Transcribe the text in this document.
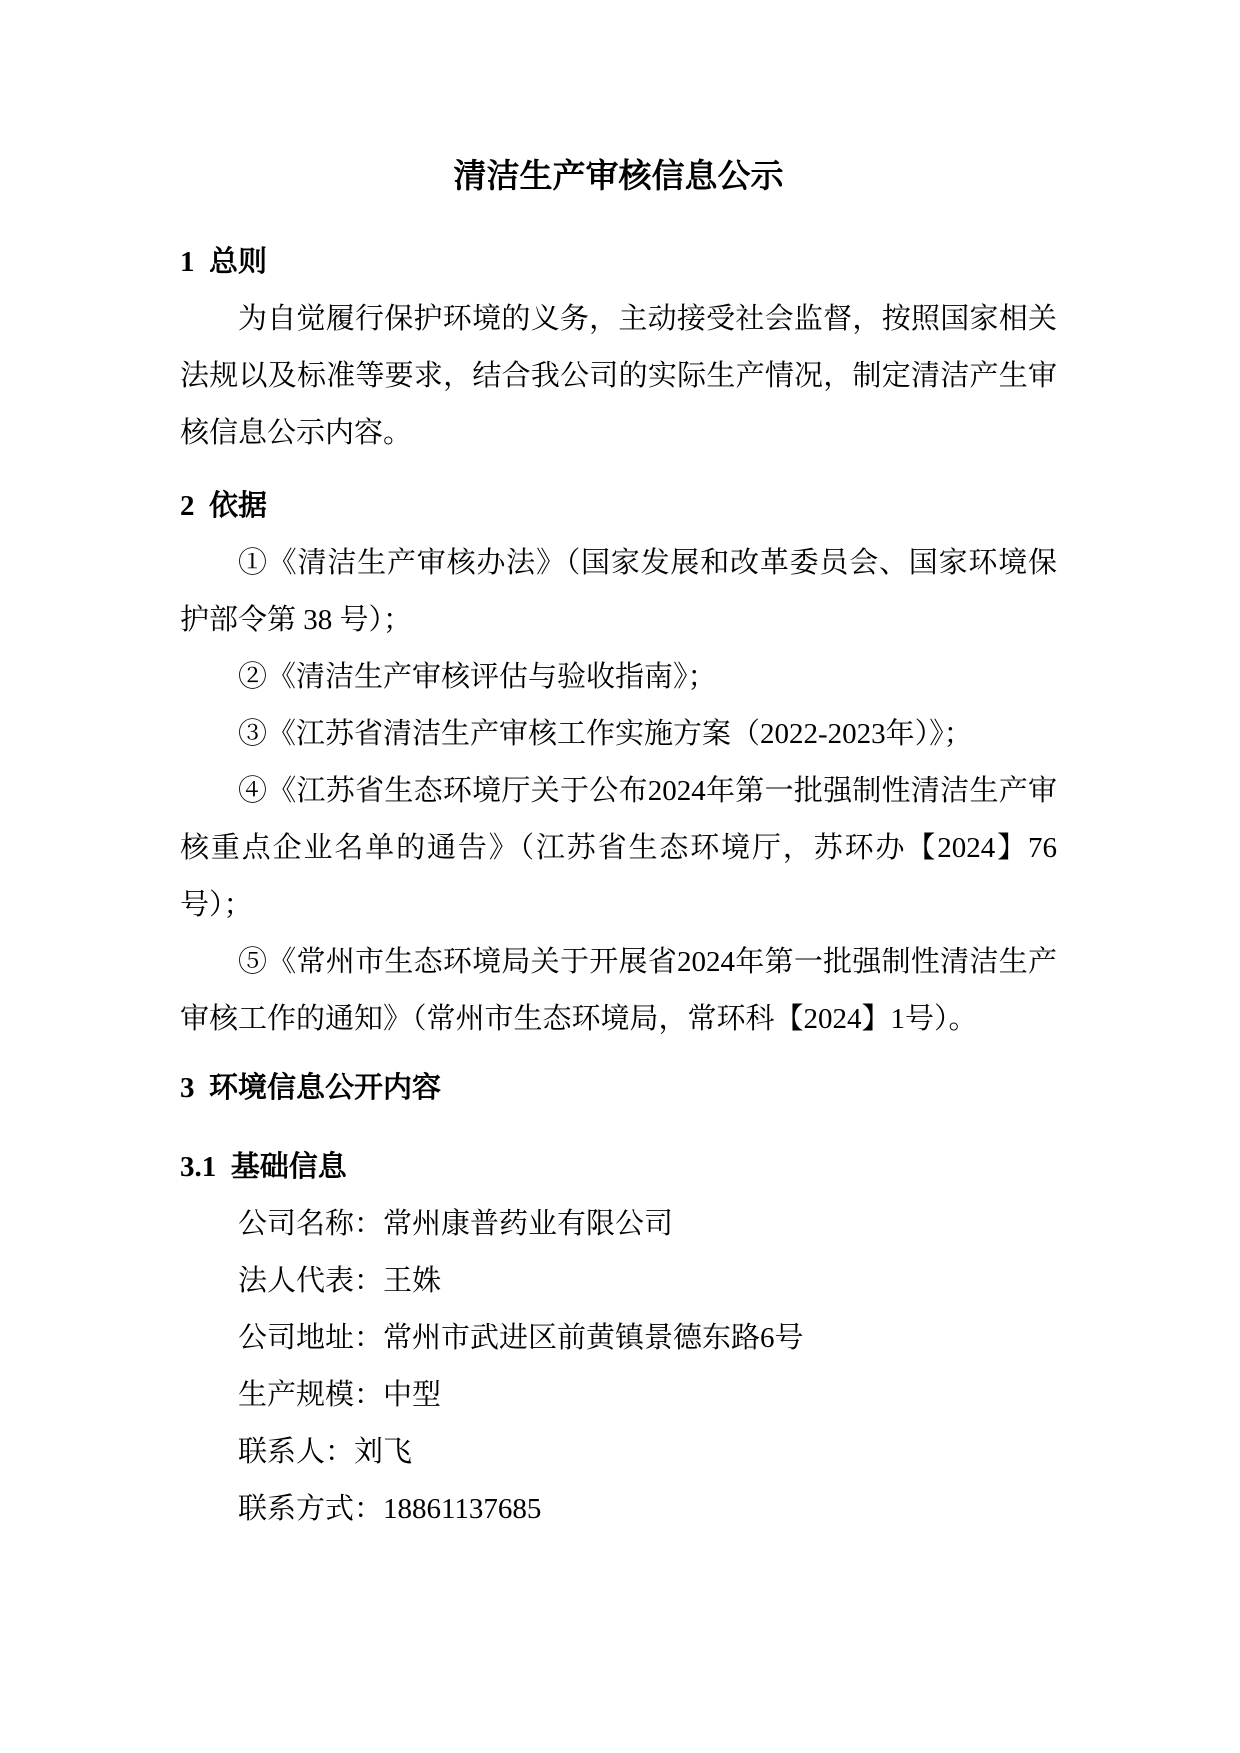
清洁生产审核信息公示
1  总则

为自觉履行保护环境的义务，主动接受社会监督，按照国家相关法规以及标准等要求，结合我公司的实际生产情况，制定清洁产生审核信息公示内容。

2  依据

①《清洁生产审核办法》（国家发展和改革委员会、国家环境保护部令第 38 号）；

②《清洁生产审核评估与验收指南》；

③《江苏省清洁生产审核工作实施方案（2022-2023年）》；

④《江苏省生态环境厅关于公布2024年第一批强制性清洁生产审核重点企业名单的通告》（江苏省生态环境厅，苏环办【2024】76 号）；

⑤《常州市生态环境局关于开展省2024年第一批强制性清洁生产审核工作的通知》（常州市生态环境局，常环科【2024】1号）。

3  环境信息公开内容
3.1  基础信息

公司名称：常州康普药业有限公司

法人代表：王姝

公司地址：常州市武进区前黄镇景德东路6号

生产规模：中型

联系人：刘飞

联系方式：18861137685
